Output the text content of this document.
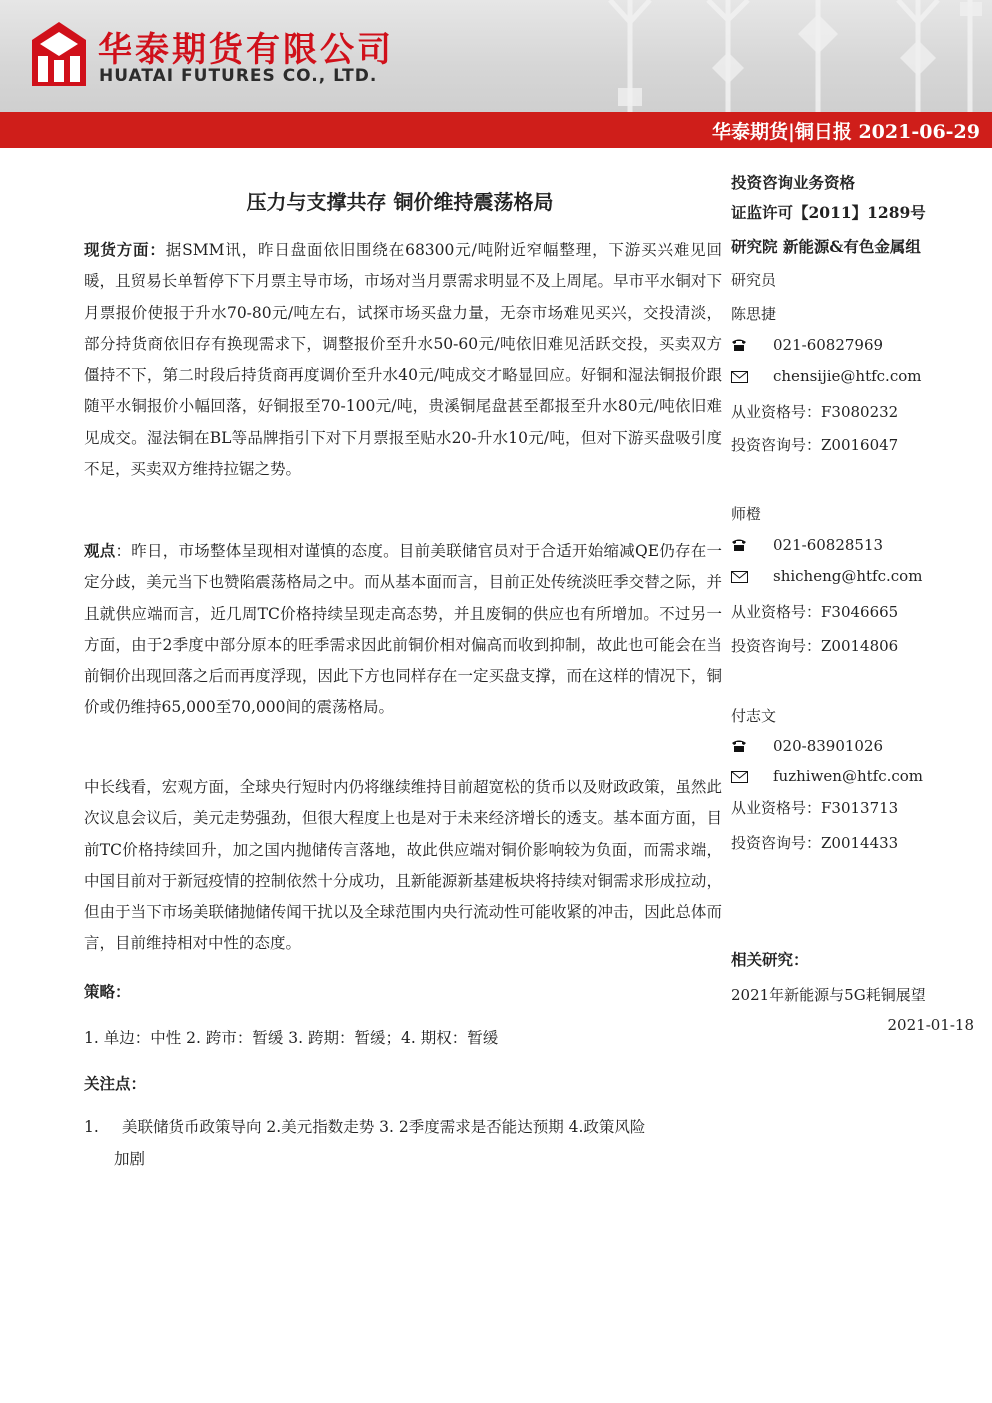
华泰期货有限公司
HUATAI FUTURES CO., LTD.
华泰期货|铜日报 2021-06-29
压力与支撑共存 铜价维持震荡格局

现货方面：据SMM讯，昨日盘面依旧围绕在68300元/吨附近窄幅整理，下游买兴难见回暖，且贸易长单暂停下下月票主导市场，市场对当月票需求明显不及上周尾。早市平水铜对下月票报价使报于升水70-80元/吨左右，试探市场买盘力量，无奈市场难见买兴，交投清淡，部分持货商依旧存有换现需求下，调整报价至升水50-60元/吨依旧难见活跃交投，买卖双方僵持不下，第二时段后持货商再度调价至升水40元/吨成交才略显回应。好铜和湿法铜报价跟随平水铜报价小幅回落，好铜报至70-100元/吨，贵溪铜尾盘甚至都报至升水80元/吨依旧难见成交。湿法铜在BL等品牌指引下对下月票报至贴水20-升水10元/吨，但对下游买盘吸引度不足，买卖双方维持拉锯之势。

观点：昨日，市场整体呈现相对谨慎的态度。目前美联储官员对于合适开始缩减QE仍存在一定分歧，美元当下也赞陷震荡格局之中。而从基本面而言，目前正处传统淡旺季交替之际，并且就供应端而言，近几周TC价格持续呈现走高态势，并且废铜的供应也有所增加。不过另一方面，由于2季度中部分原本的旺季需求因此前铜价相对偏高而收到抑制，故此也可能会在当前铜价出现回落之后而再度浮现，因此下方也同样存在一定买盘支撑，而在这样的情况下，铜价或仍维持65,000至70,000间的震荡格局。

中长线看，宏观方面，全球央行短时内仍将继续维持目前超宽松的货币以及财政政策，虽然此次议息会议后，美元走势强劲，但很大程度上也是对于未来经济增长的透支。基本面方面，目前TC价格持续回升，加之国内抛储传言落地，故此供应端对铜价影响较为负面，而需求端，中国目前对于新冠疫情的控制依然十分成功，且新能源新基建板块将持续对铜需求形成拉动，但由于当下市场美联储抛储传闻干扰以及全球范围内央行流动性可能收紧的冲击，因此总体而言，目前维持相对中性的态度。

策略：
1. 单边：中性 2. 跨市：暂缓 3. 跨期：暂缓；4. 期权：暂缓
关注点：
1. 美联储货币政策导向 2.美元指数走势 3. 2季度需求是否能达预期 4.政策风险
加剧
投资咨询业务资格
证监许可【2011】1289号
研究院 新能源&有色金属组
研究员
陈思捷
021-60827969
chensijie@htfc.com
从业资格号：F3080232
投资咨询号：Z0016047
师橙
021-60828513
shicheng@htfc.com
从业资格号：F3046665
投资咨询号：Z0014806
付志文
020-83901026
fuzhiwen@htfc.com
从业资格号：F3013713
投资咨询号：Z0014433
相关研究：
2021年新能源与5G耗铜展望
2021-01-18
